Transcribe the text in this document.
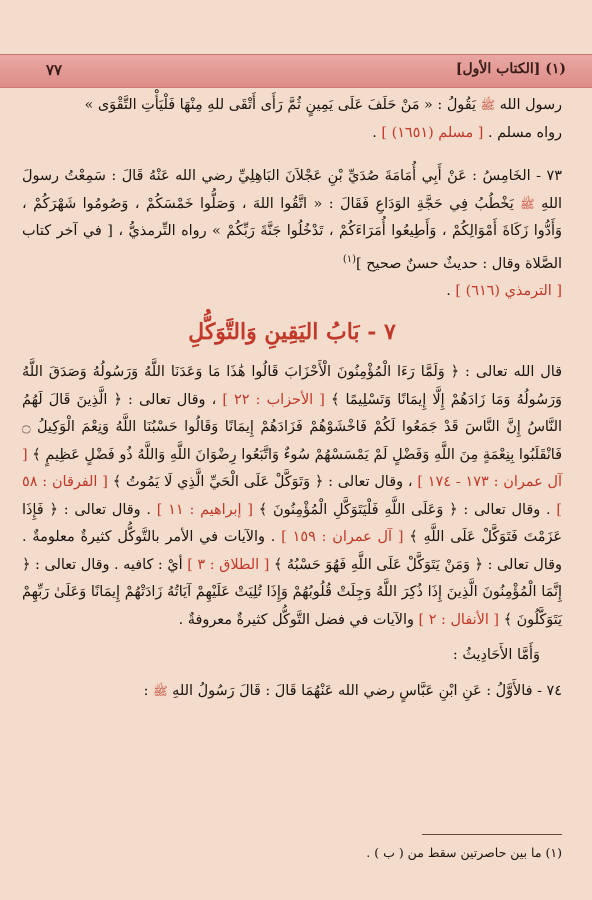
(١) [الكتاب الأول]
٧٧

رسول الله ﷺ يَقُولُ : « مَنْ حَلَفَ عَلَى يَمِينٍ ثُمَّ رَأَى أَتْقَى للهِ مِنْهَا فَلْيَأْتِ التَّقْوَى »
رواه مسلم . [ مسلم (١٦٥١) ] .

٧٣ - الخَامِسُ : عَنْ أَبِي أُمَامَةَ صُدَيِّ بْنِ عَجْلاَنَ البَاهِلِيِّ رضي الله عَنْهُ قَالَ : سَمِعْتُ رسولَ اللهِ ﷺ يَخْطُبُ فِي حَجَّةِ الوَدَاعِ فَقَالَ : « اتَّقُوا اللهَ ، وَصَلُّوا خَمْسَكُمْ ، وَصُومُوا شَهْرَكُمْ ، وَأَدُّوا زَكَاةَ أَمْوَالِكُمْ ، وَأَطِيعُوا أُمَرَاءَكُمْ ، تَدْخُلُوا جَنَّةَ رَبِّكُمْ » رواه التِّرمذيُّ ، [ في آخر كتاب الصَّلاة وقال : حديثٌ حسنٌ صحيح ]$^{(١)}$
[ الترمذي (٦١٦) ] .

٧ - بَابُ اليَقِينِ وَالتَّوَكُّلِ

قال الله تعالى : ﴿ وَلَمَّا رَءَا الْمُؤْمِنُونَ الْأَحْزَابَ قَالُوا هَٰذَا مَا وَعَدَنَا اللَّهُ وَرَسُولُهُ وَصَدَقَ اللَّهُ وَرَسُولُهُ وَمَا زَادَهُمْ إِلَّا إِيمَانًا وَتَسْلِيمًا ﴾ [ الأحزاب : ٢٢ ] ، وقال تعالى : ﴿ الَّذِينَ قَالَ لَهُمُ النَّاسُ إِنَّ النَّاسَ قَدْ جَمَعُوا لَكُمْ فَاخْشَوْهُمْ فَزَادَهُمْ إِيمَانًا وَقَالُوا حَسْبُنَا اللَّهُ وَنِعْمَ الْوَكِيلُ ۝ فَانْقَلَبُوا بِنِعْمَةٍ مِنَ اللَّهِ وَفَضْلٍ لَمْ يَمْسَسْهُمْ سُوءٌ وَاتَّبَعُوا رِضْوَانَ اللَّهِ وَاللَّهُ ذُو فَضْلٍ عَظِيمٍ ﴾ [ آل عمران : ١٧٣ - ١٧٤ ] ، وقال تعالى : ﴿ وَتَوَكَّلْ عَلَى الْحَيِّ الَّذِي لَا يَمُوتُ ﴾ [ الفرقان : ٥٨ ] . وقال تعالى : ﴿ وَعَلَى اللَّهِ فَلْيَتَوَكَّلِ الْمُؤْمِنُونَ ﴾ [ إبراهيم : ١١ ] . وقال تعالى : ﴿ فَإِذَا عَزَمْتَ فَتَوَكَّلْ عَلَى اللَّهِ ﴾ [ آل عمران : ١٥٩ ] . والآيات في الأمر بالتَّوكُّل كثيرةٌ معلومةٌ . وقال تعالى : ﴿ وَمَنْ يَتَوَكَّلْ عَلَى اللَّهِ فَهُوَ حَسْبُهُ ﴾ [ الطلاق : ٣ ] أيْ : كافيه . وقال تعالى : ﴿ إِنَّمَا الْمُؤْمِنُونَ الَّذِينَ إِذَا ذُكِرَ اللَّهُ وَجِلَتْ قُلُوبُهُمْ وَإِذَا تُلِيَتْ عَلَيْهِمْ آيَاتُهُ زَادَتْهُمْ إِيمَانًا وَعَلَىٰ رَبِّهِمْ يَتَوَكَّلُونَ ﴾ [ الأنفال : ٢ ] والآيات في فضل التَّوكُّل كثيرةٌ معروفةٌ .

وَأَمَّا الأَحَادِيثُ :

٧٤ - فالأَوَّلُ : عَنِ ابْنِ عَبَّاسٍ رضي الله عَنْهُمَا قَالَ : قَالَ رَسُولُ اللهِ ﷺ :

(١) ما بين حاصرتين سقط من ( ب ) .
